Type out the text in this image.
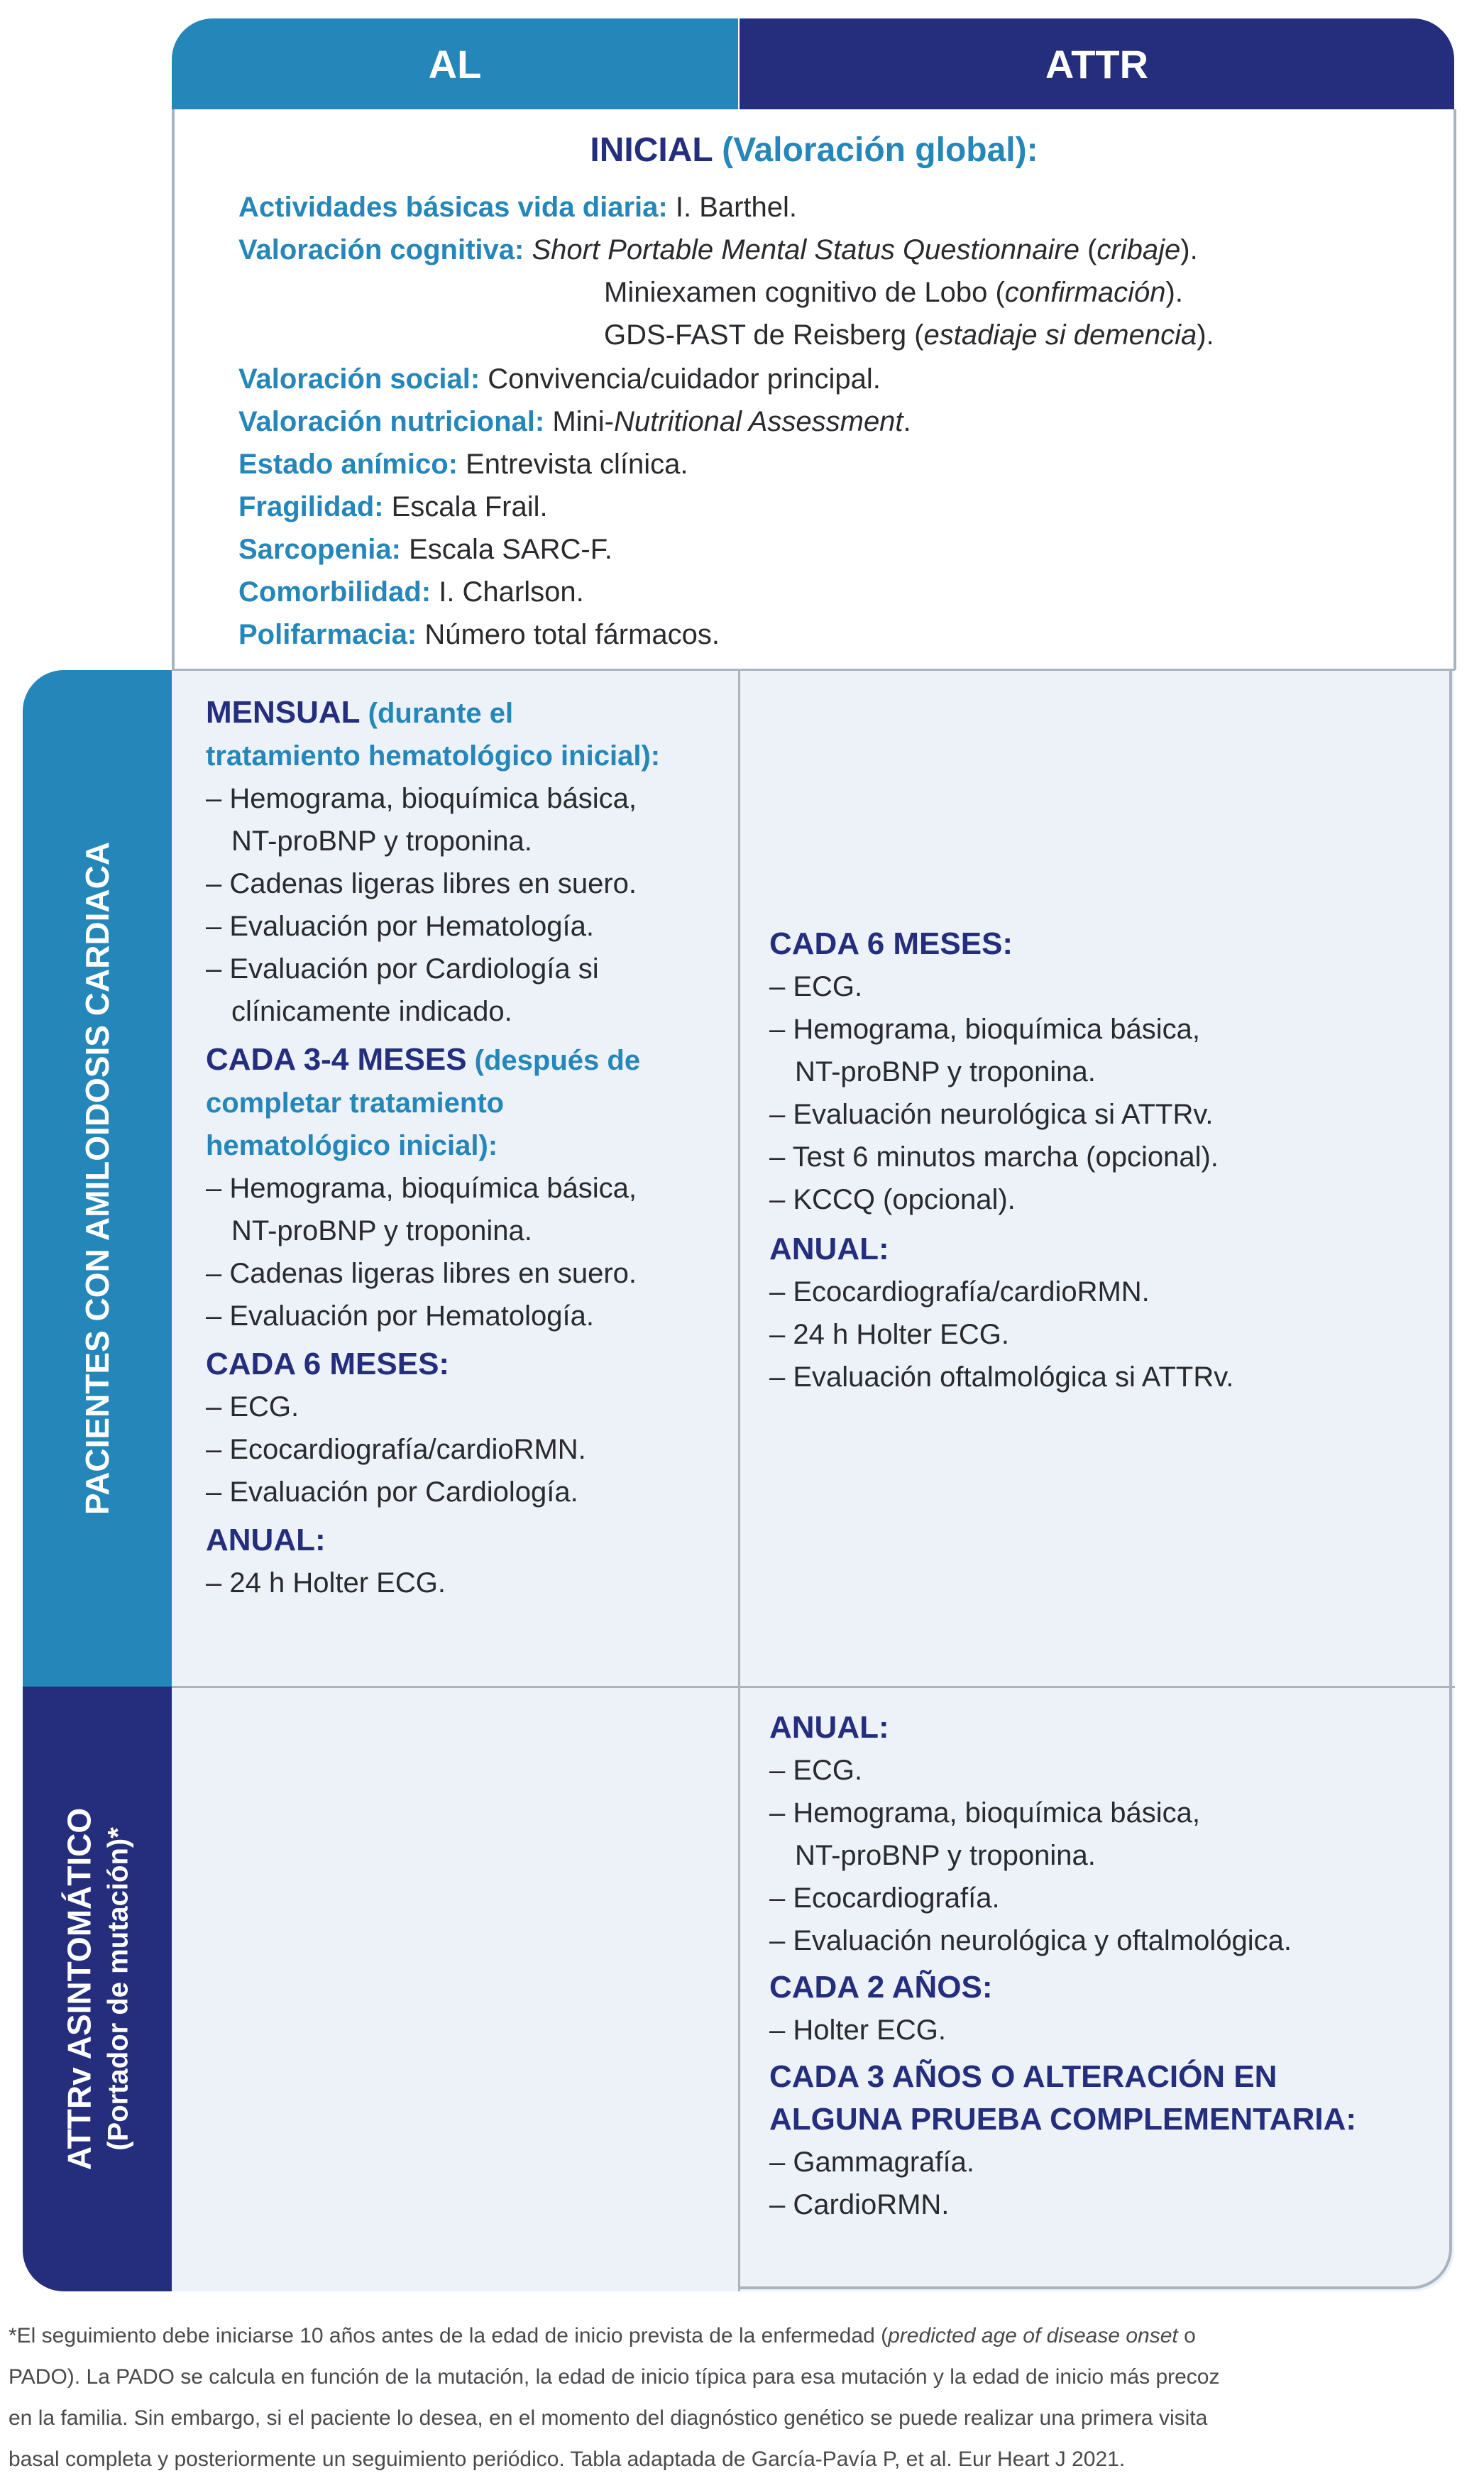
AL	ATTR
INICIAL (Valoración global):
Actividades básicas vida diaria: I. Barthel.
Valoración cognitiva: Short Portable Mental Status Questionnaire (cribaje).
Miniexamen cognitivo de Lobo (confirmación).
GDS-FAST de Reisberg (estadiaje si demencia).
Valoración social: Convivencia/cuidador principal.
Valoración nutricional: Mini-Nutritional Assessment.
Estado anímico: Entrevista clínica.
Fragilidad: Escala Frail.
Sarcopenia: Escala SARC-F.
Comorbilidad: I. Charlson.
Polifarmacia: Número total fármacos.
PACIENTES CON AMILOIDOSIS CARDIACA
ATTRv ASINTOMÁTICO (Portador de mutación)*
MENSUAL (durante el
tratamiento hematológico inicial):
– Hemograma, bioquímica básica,
NT-proBNP y troponina.
– Cadenas ligeras libres en suero.
– Evaluación por Hematología.
– Evaluación por Cardiología si
clínicamente indicado.
CADA 3-4 MESES (después de
completar tratamiento
hematológico inicial):
– Hemograma, bioquímica básica,
NT-proBNP y troponina.
– Cadenas ligeras libres en suero.
– Evaluación por Hematología.
CADA 6 MESES:
– ECG.
– Ecocardiografía/cardioRMN.
– Evaluación por Cardiología.
ANUAL:
– 24 h Holter ECG.
CADA 6 MESES:
– ECG.
– Hemograma, bioquímica básica,
NT-proBNP y troponina.
– Evaluación neurológica si ATTRv.
– Test 6 minutos marcha (opcional).
– KCCQ (opcional).
ANUAL:
– Ecocardiografía/cardioRMN.
– 24 h Holter ECG.
– Evaluación oftalmológica si ATTRv.
ANUAL:
– ECG.
– Hemograma, bioquímica básica,
NT-proBNP y troponina.
– Ecocardiografía.
– Evaluación neurológica y oftalmológica.
CADA 2 AÑOS:
– Holter ECG.
CADA 3 AÑOS O ALTERACIÓN EN
ALGUNA PRUEBA COMPLEMENTARIA:
– Gammagrafía.
– CardioRMN.
*El seguimiento debe iniciarse 10 años antes de la edad de inicio prevista de la enfermedad (predicted age of disease onset o
PADO). La PADO se calcula en función de la mutación, la edad de inicio típica para esa mutación y la edad de inicio más precoz
en la familia. Sin embargo, si el paciente lo desea, en el momento del diagnóstico genético se puede realizar una primera visita
basal completa y posteriormente un seguimiento periódico. Tabla adaptada de García-Pavía P, et al. Eur Heart J 2021.
